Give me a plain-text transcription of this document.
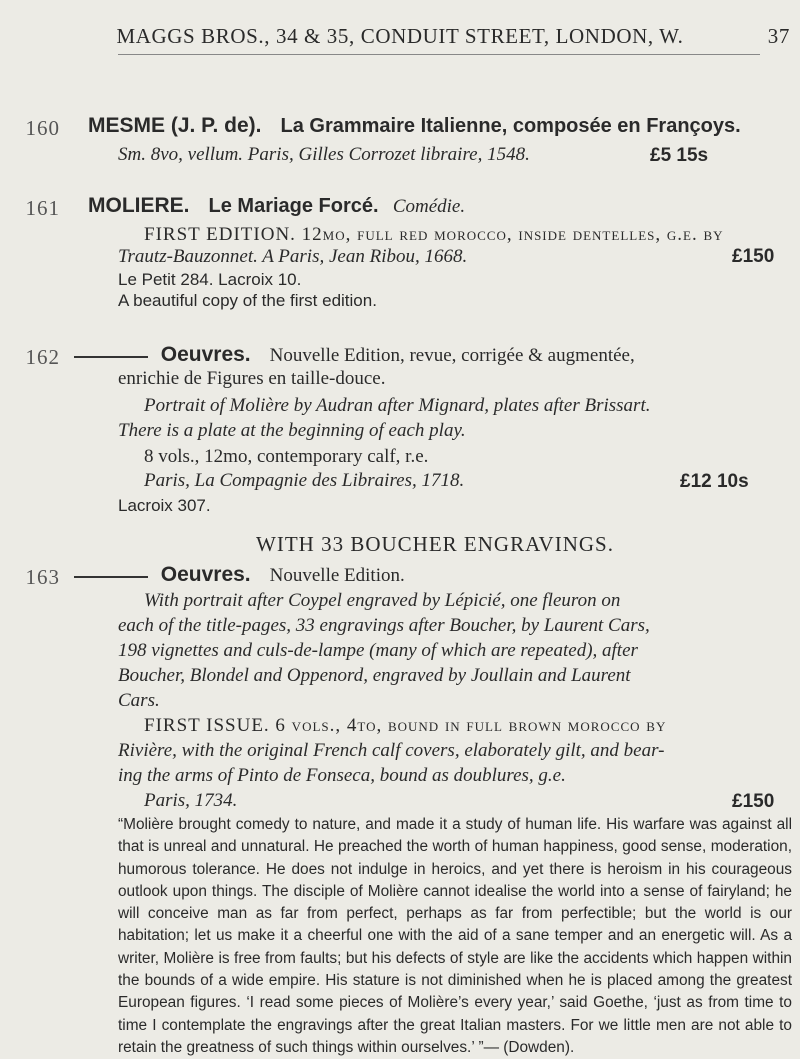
MAGGS BROS., 34 & 35, CONDUIT STREET, LONDON, W.	37
160 MESME (J. P. de). La Grammaire Italienne, composée en Françoys.
Sm. 8vo, vellum. Paris, Gilles Corrozet libraire, 1548.	£5 15s
161 MOLIERE. Le Mariage Forcé. Comédie.
FIRST EDITION. 12mo, full red morocco, inside dentelles, g.e. by
Trautz-Bauzonnet. A Paris, Jean Ribou, 1668.	£150
Le Petit 284. Lacroix 10.
A beautiful copy of the first edition.
162	Oeuvres. Nouvelle Edition, revue, corrigée & augmentée,
enrichie de Figures en taille-douce.
Portrait of Molière by Audran after Mignard, plates after Brissart.
There is a plate at the beginning of each play.
8 vols., 12mo, contemporary calf, r.e.
Paris, La Compagnie des Libraires, 1718.	£12 10s
Lacroix 307.
WITH 33 BOUCHER ENGRAVINGS.
163	Oeuvres. Nouvelle Edition.
With portrait after Coypel engraved by Lépicié, one fleuron on
each of the title-pages, 33 engravings after Boucher, by Laurent Cars,
198 vignettes and culs-de-lampe (many of which are repeated), after
Boucher, Blondel and Oppenord, engraved by Joullain and Laurent
Cars.
FIRST ISSUE. 6 vols., 4to, bound in full brown morocco by
Rivière, with the original French calf covers, elaborately gilt, and bear-
ing the arms of Pinto de Fonseca, bound as doublures, g.e.
Paris, 1734.	£150
“Molière brought comedy to nature, and made it a study of human life. His warfare was against all that is unreal and unnatural. He preached the worth of human happiness, good sense, moderation, humorous tolerance. He does not indulge in heroics, and yet there is heroism in his courageous outlook upon things. The disciple of Molière cannot idealise the world into a sense of fairyland; he will conceive man as far from perfect, perhaps as far from perfectible; but the world is our habitation; let us make it a cheerful one with the aid of a sane temper and an energetic will. As a writer, Molière is free from faults; but his defects of style are like the accidents which happen within the bounds of a wide empire. His stature is not diminished when he is placed among the greatest European figures. ‘I read some pieces of Molière’s every year,’ said Goethe, ‘just as from time to time I contemplate the engravings after the great Italian masters. For we little men are not able to retain the greatness of such things within ourselves.’ ”— (Dowden).
